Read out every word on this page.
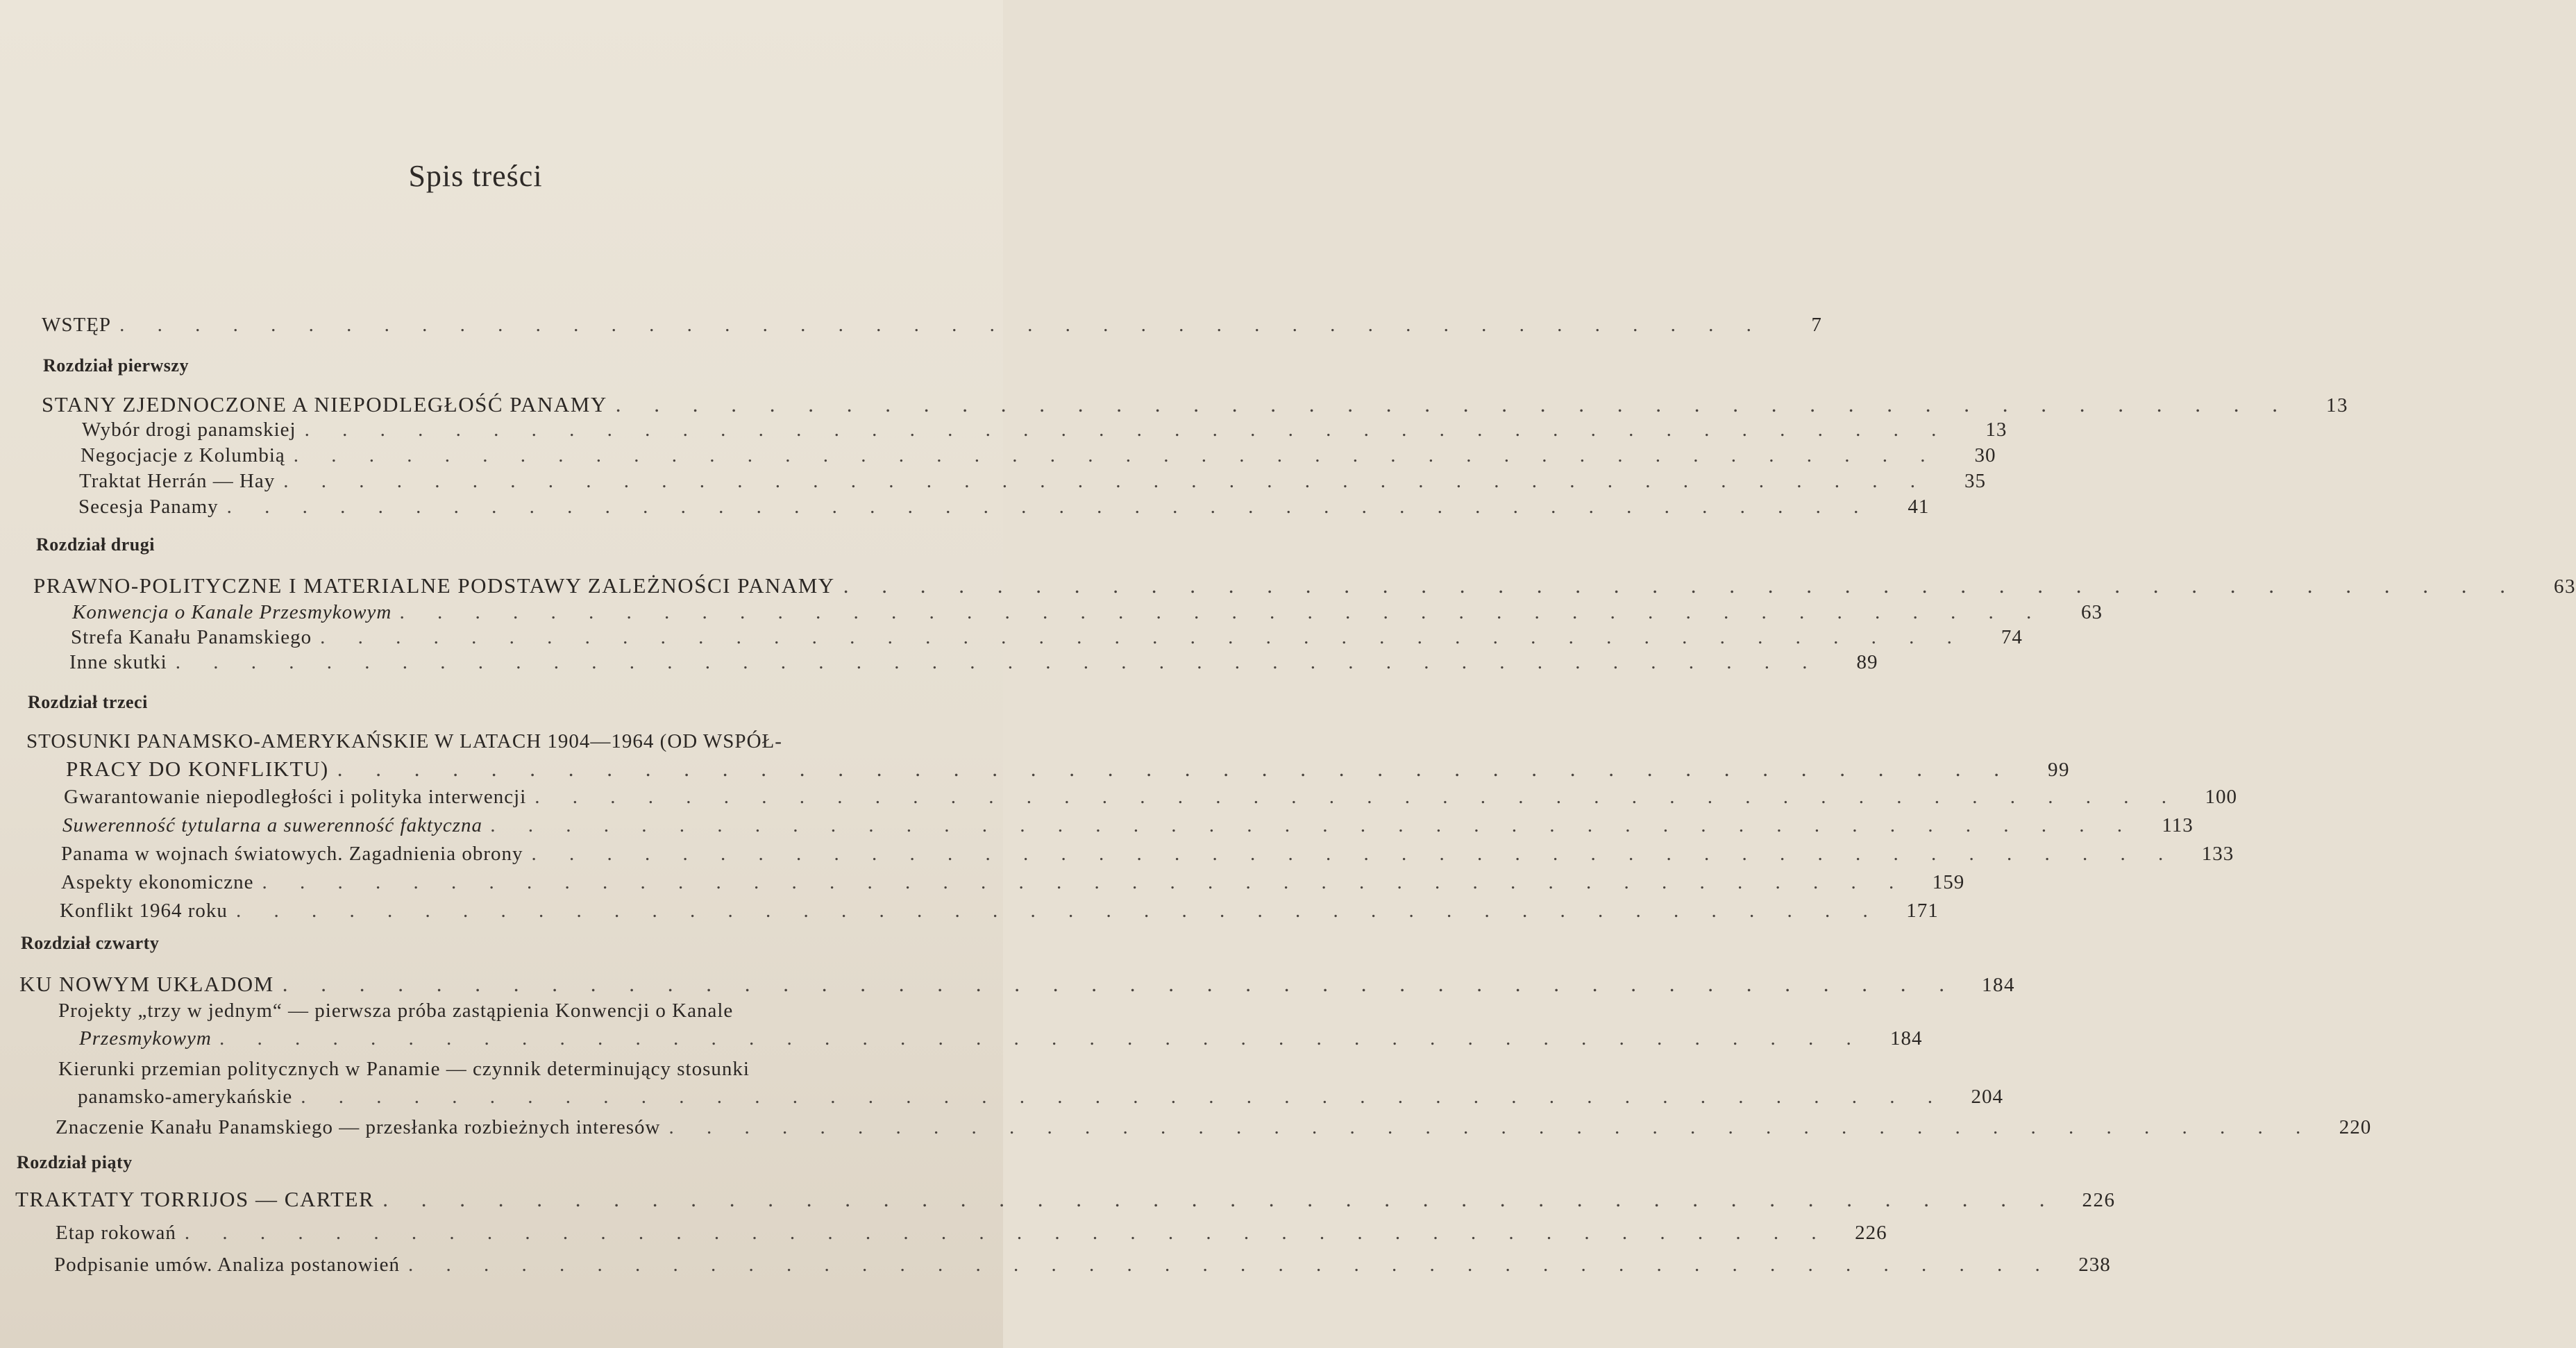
Spis treści
WSTĘP . . . . . . . . . . . . . . . . . . . . . . . . . . . . . . . . . . . . . . . . . . . .	7
Rozdział pierwszy
STANY ZJEDNOCZONE A NIEPODLEGŁOŚĆ PANAMY . . . . . . . . . . . . . . . . . . . . . . . . . . . . . . . . . . . . . . . . . . . .	13
Wybór drogi panamskiej . . . . . . . . . . . . . . . . . . . . . . . . . . . . . . . . . . . . . . . . . . . .	13
Negocjacje z Kolumbią . . . . . . . . . . . . . . . . . . . . . . . . . . . . . . . . . . . . . . . . . . . .	30
Traktat Herrán — Hay . . . . . . . . . . . . . . . . . . . . . . . . . . . . . . . . . . . . . . . . . . . .	35
Secesja Panamy . . . . . . . . . . . . . . . . . . . . . . . . . . . . . . . . . . . . . . . . . . . .	41
Rozdział drugi
PRAWNO-POLITYCZNE I MATERIALNE PODSTAWY ZALEŻNOŚCI PANAMY . . . . . . . . . . . . . . . . . . . . . . . . . . . . . . . . . . . . . . . . . . . .	63
Konwencja o Kanale Przesmykowym . . . . . . . . . . . . . . . . . . . . . . . . . . . . . . . . . . . . . . . . . . . .	63
Strefa Kanału Panamskiego . . . . . . . . . . . . . . . . . . . . . . . . . . . . . . . . . . . . . . . . . . . .	74
Inne skutki . . . . . . . . . . . . . . . . . . . . . . . . . . . . . . . . . . . . . . . . . . . .	89
Rozdział trzeci
STOSUNKI PANAMSKO-AMERYKAŃSKIE W LATACH 1904—1964 (OD WSPÓŁ-
PRACY DO KONFLIKTU) . . . . . . . . . . . . . . . . . . . . . . . . . . . . . . . . . . . . . . . . . . . .	99
Gwarantowanie niepodległości i polityka interwencji . . . . . . . . . . . . . . . . . . . . . . . . . . . . . . . . . . . . . . . . . . . .	100
Suwerenność tytularna a suwerenność faktyczna . . . . . . . . . . . . . . . . . . . . . . . . . . . . . . . . . . . . . . . . . . . .	113
Panama w wojnach światowych. Zagadnienia obrony . . . . . . . . . . . . . . . . . . . . . . . . . . . . . . . . . . . . . . . . . . . .	133
Aspekty ekonomiczne . . . . . . . . . . . . . . . . . . . . . . . . . . . . . . . . . . . . . . . . . . . .	159
Konflikt 1964 roku . . . . . . . . . . . . . . . . . . . . . . . . . . . . . . . . . . . . . . . . . . . .	171
Rozdział czwarty
KU NOWYM UKŁADOM . . . . . . . . . . . . . . . . . . . . . . . . . . . . . . . . . . . . . . . . . . . .	184
Projekty „trzy w jednym“ — pierwsza próba zastąpienia Konwencji o Kanale
Przesmykowym . . . . . . . . . . . . . . . . . . . . . . . . . . . . . . . . . . . . . . . . . . . .	184
Kierunki przemian politycznych w Panamie — czynnik determinujący stosunki
panamsko-amerykańskie . . . . . . . . . . . . . . . . . . . . . . . . . . . . . . . . . . . . . . . . . . . .	204
Znaczenie Kanału Panamskiego — przesłanka rozbieżnych interesów . . . . . . . . . . . . . . . . . . . . . . . . . . . . . . . . . . . . . . . . . . . .	220
Rozdział piąty
TRAKTATY TORRIJOS — CARTER . . . . . . . . . . . . . . . . . . . . . . . . . . . . . . . . . . . . . . . . . . . .	226
Etap rokowań . . . . . . . . . . . . . . . . . . . . . . . . . . . . . . . . . . . . . . . . . . . .	226
Podpisanie umów. Analiza postanowień . . . . . . . . . . . . . . . . . . . . . . . . . . . . . . . . . . . . . . . . . . . .	238
